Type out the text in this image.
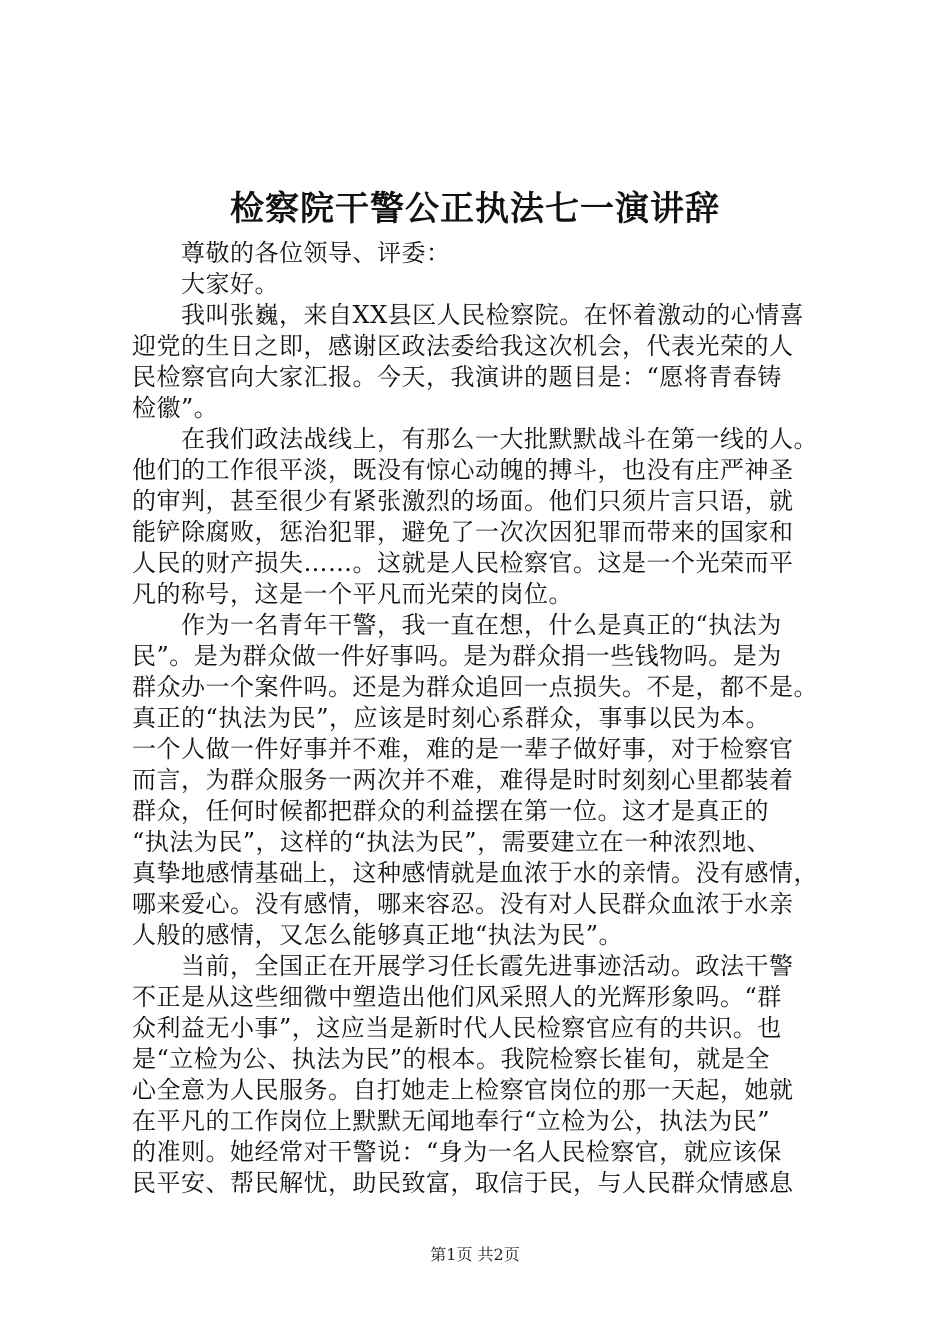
检察院干警公正执法七一演讲辞
尊敬的各位领导、评委：
大家好。
我叫张巍，来自XX县区人民检察院。在怀着激动的心情喜
迎党的生日之即，感谢区政法委给我这次机会，代表光荣的人
民检察官向大家汇报。今天，我演讲的题目是：“愿将青春铸
检徽”。
在我们政法战线上，有那么一大批默默战斗在第一线的人。
他们的工作很平淡，既没有惊心动魄的搏斗，也没有庄严神圣
的审判，甚至很少有紧张激烈的场面。他们只须片言只语，就
能铲除腐败，惩治犯罪，避免了一次次因犯罪而带来的国家和
人民的财产损失……。这就是人民检察官。这是一个光荣而平
凡的称号，这是一个平凡而光荣的岗位。
作为一名青年干警，我一直在想，什么是真正的“执法为
民”。是为群众做一件好事吗。是为群众捐一些钱物吗。是为
群众办一个案件吗。还是为群众追回一点损失。不是，都不是。
真正的“执法为民”，应该是时刻心系群众，事事以民为本。
一个人做一件好事并不难，难的是一辈子做好事，对于检察官
而言，为群众服务一两次并不难，难得是时时刻刻心里都装着
群众，任何时候都把群众的利益摆在第一位。这才是真正的
“执法为民”，这样的“执法为民”，需要建立在一种浓烈地、
真挚地感情基础上，这种感情就是血浓于水的亲情。没有感情，
哪来爱心。没有感情，哪来容忍。没有对人民群众血浓于水亲
人般的感情，又怎么能够真正地“执法为民”。
当前，全国正在开展学习任长霞先进事迹活动。政法干警
不正是从这些细微中塑造出他们风采照人的光辉形象吗。“群
众利益无小事”，这应当是新时代人民检察官应有的共识。也
是“立检为公、执法为民”的根本。我院检察长崔旬，就是全
心全意为人民服务。自打她走上检察官岗位的那一天起，她就
在平凡的工作岗位上默默无闻地奉行“立检为公，执法为民”
的准则。她经常对干警说：“身为一名人民检察官，就应该保
民平安、帮民解忧，助民致富，取信于民，与人民群众情感息
第1页 共2页
